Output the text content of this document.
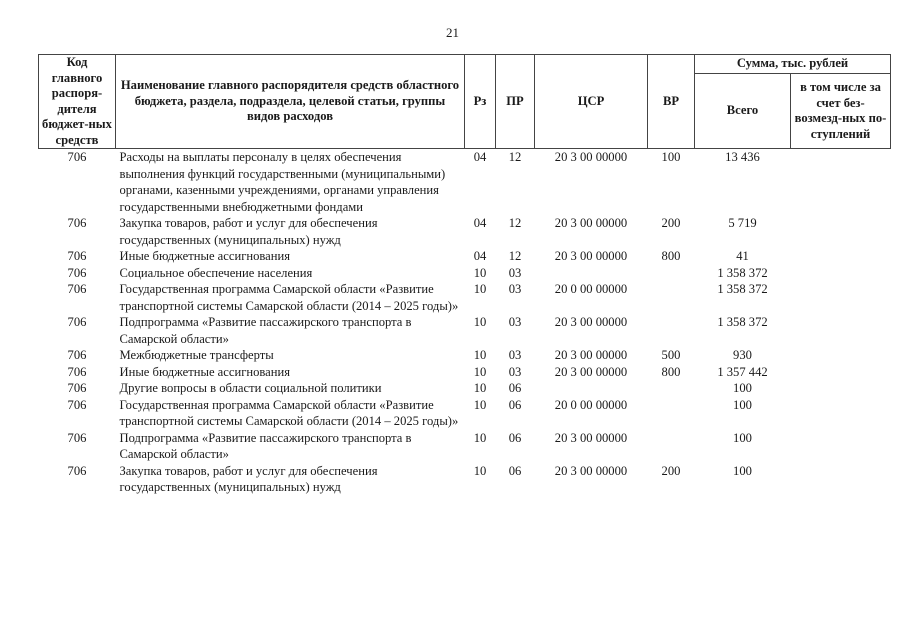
21
Код главного распоря-дителя бюджет-ных средств	Наименование главного распорядителя средств областного бюджета, раздела, подраздела, целевой статьи, группы видов расходов	Рз	ПР	ЦСР	ВР	Сумма, тыс. рублей	
						Всего	в том числе за счет без-возмезд-ных по-ступлений
706	Расходы на выплаты персоналу в целях обеспечения выполнения функций государственными (муниципальными) органами, казенными учреждениями, органами управления государственными внебюджетными фондами	04	12	20 3 00 00000	100	13 436	
706	Закупка товаров, работ и услуг для обеспечения государственных (муниципальных) нужд	04	12	20 3 00 00000	200	5 719	
706	Иные бюджетные ассигнования	04	12	20 3 00 00000	800	41	
706	Социальное обеспечение населения	10	03			1 358 372	
706	Государственная программа Самарской области «Развитие транспортной системы Самарской области (2014 – 2025 годы)»	10	03	20 0 00 00000		1 358 372	
706	Подпрограмма «Развитие пассажирского транспорта в Самарской области»	10	03	20 3 00 00000		1 358 372	
706	Межбюджетные трансферты	10	03	20 3 00 00000	500	930	
706	Иные бюджетные ассигнования	10	03	20 3 00 00000	800	1 357 442	
706	Другие вопросы в области социальной политики	10	06			100	
706	Государственная программа Самарской области «Развитие транспортной системы Самарской области (2014 – 2025 годы)»	10	06	20 0 00 00000		100	
706	Подпрограмма «Развитие пассажирского транспорта в Самарской области»	10	06	20 3 00 00000		100	
706	Закупка товаров, работ и услуг для обеспечения государственных (муниципальных) нужд	10	06	20 3 00 00000	200	100	
